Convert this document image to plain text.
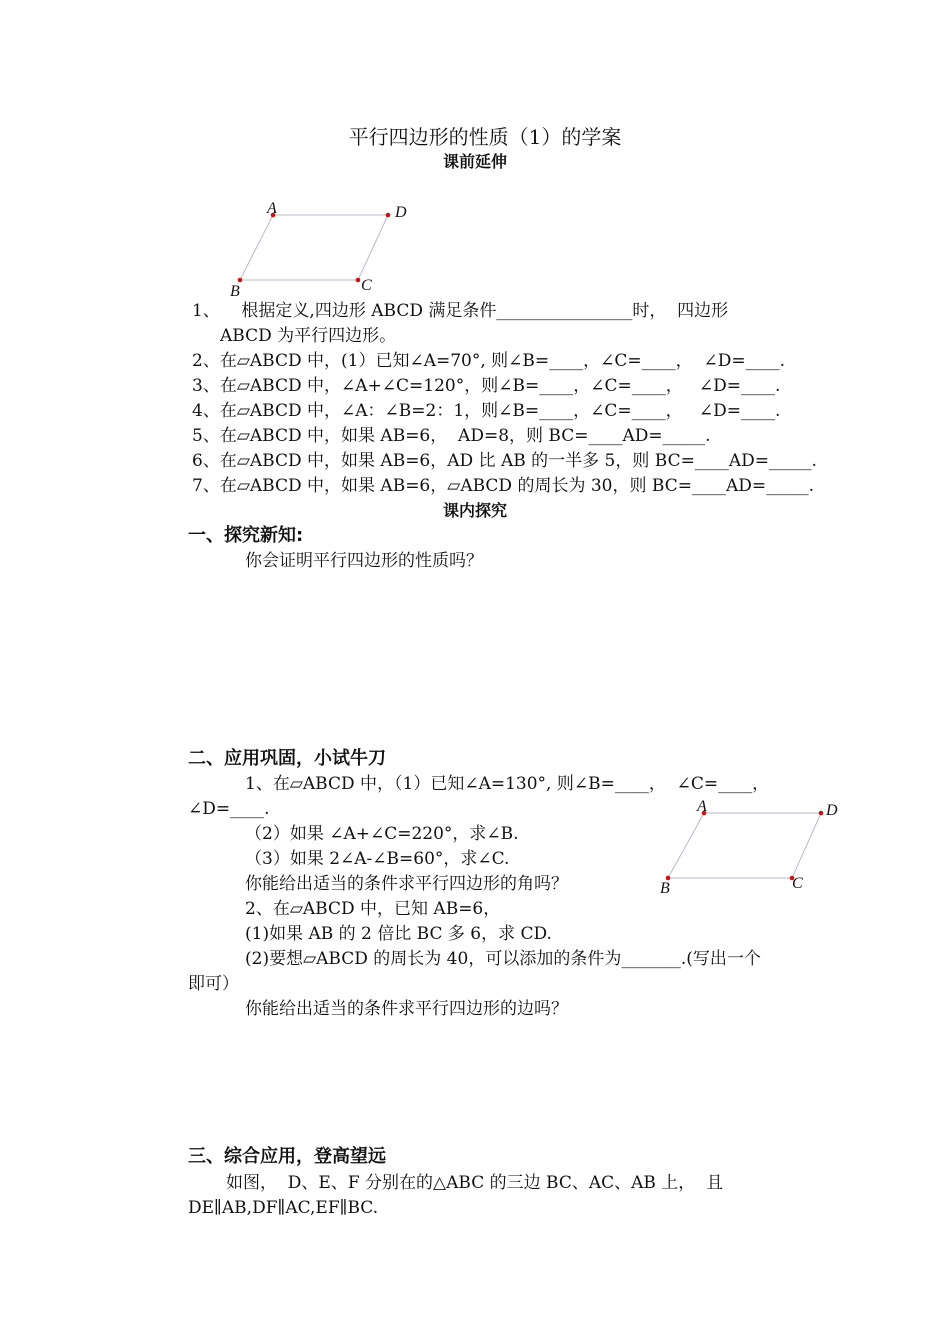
平行四边形的性质（1）的学案
课前延伸
A	D
B	C
1、    根据定义,四边形 ABCD 满足条件________________时，  四边形
ABCD 为平行四边形。
2、在▱ABCD 中，(1）已知∠A=70°, 则∠B=____，∠C=____，  ∠D=____.
3、在▱ABCD 中，∠A+∠C=120°，则∠B=____，∠C=____，   ∠D=____.
4、在▱ABCD 中，∠A：∠B=2：1，则∠B=____，∠C=____，   ∠D=____.
5、在▱ABCD 中，如果 AB=6，  AD=8，则 BC=____AD=_____.
6、在▱ABCD 中，如果 AB=6，AD 比 AB 的一半多 5，则 BC=____AD=_____.
7、在▱ABCD 中，如果 AB=6，▱ABCD 的周长为 30，则 BC=____AD=_____.
课内探究
一、探究新知:
你会证明平行四边形的性质吗？
二、应用巩固，小试牛刀
1、在▱ABCD 中，（1）已知∠A=130°, 则∠B=____，  ∠C=____，
∠D=____.
（2）如果 ∠A+∠C=220°，求∠B.
（3）如果 2∠A-∠B=60°，求∠C.
你能给出适当的条件求平行四边形的角吗？
2、在▱ABCD 中，已知 AB=6，
(1)如果 AB 的 2 倍比 BC 多 6，求 CD.
(2)要想▱ABCD 的周长为 40，可以添加的条件为_______.(写出一个
即可）
你能给出适当的条件求平行四边形的边吗？
A	D
B	C
三、综合应用，登高望远
如图，  D、E、F 分别在的△ABC 的三边 BC、AC、AB 上，  且
DE∥AB,DF∥AC,EF∥BC.
